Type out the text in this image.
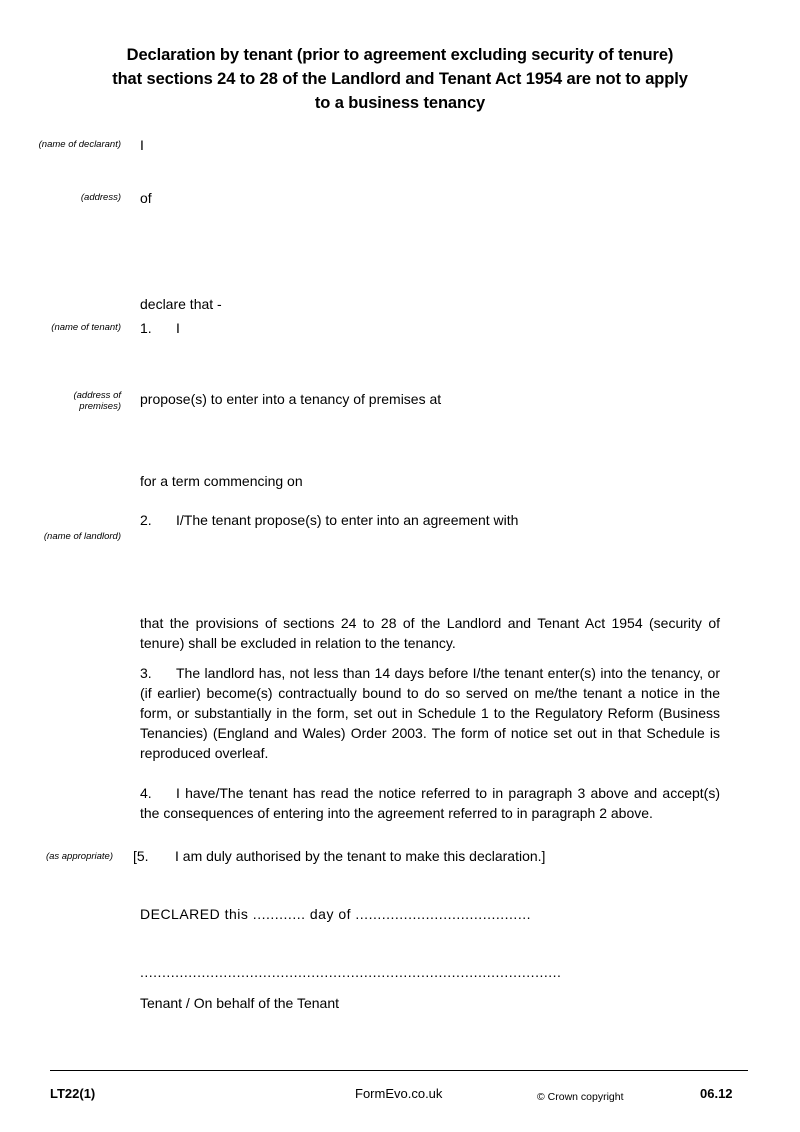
Declaration by tenant (prior to agreement excluding security of tenure) that sections 24 to 28 of the Landlord and Tenant Act 1954 are not to apply to a business tenancy
(name of declarant) I
(address) of
declare that -
(name of tenant) 1. I
(address of
premises) propose(s) to enter into a tenancy of premises at
for a term commencing on
2. I/The tenant propose(s) to enter into an agreement with
(name of landlord)
that the provisions of sections 24 to 28 of the Landlord and Tenant Act 1954 (security of tenure) shall be excluded in relation to the tenancy.
3. The landlord has, not less than 14 days before I/the tenant enter(s) into the tenancy, or (if earlier) become(s) contractually bound to do so served on me/the tenant a notice in the form, or substantially in the form, set out in Schedule 1 to the Regulatory Reform (Business Tenancies) (England and Wales) Order 2003. The form of notice set out in that Schedule is reproduced overleaf.
4. I have/The tenant has read the notice referred to in paragraph 3 above and accept(s) the consequences of entering into the agreement referred to in paragraph 2 above.
(as appropriate) [5. I am duly authorised by the tenant to make this declaration.]
DECLARED this ............ day of ........................................
................................................................................................
Tenant / On behalf of the Tenant
LT22(1)	FormEvo.co.uk	© Crown copyright	06.12
